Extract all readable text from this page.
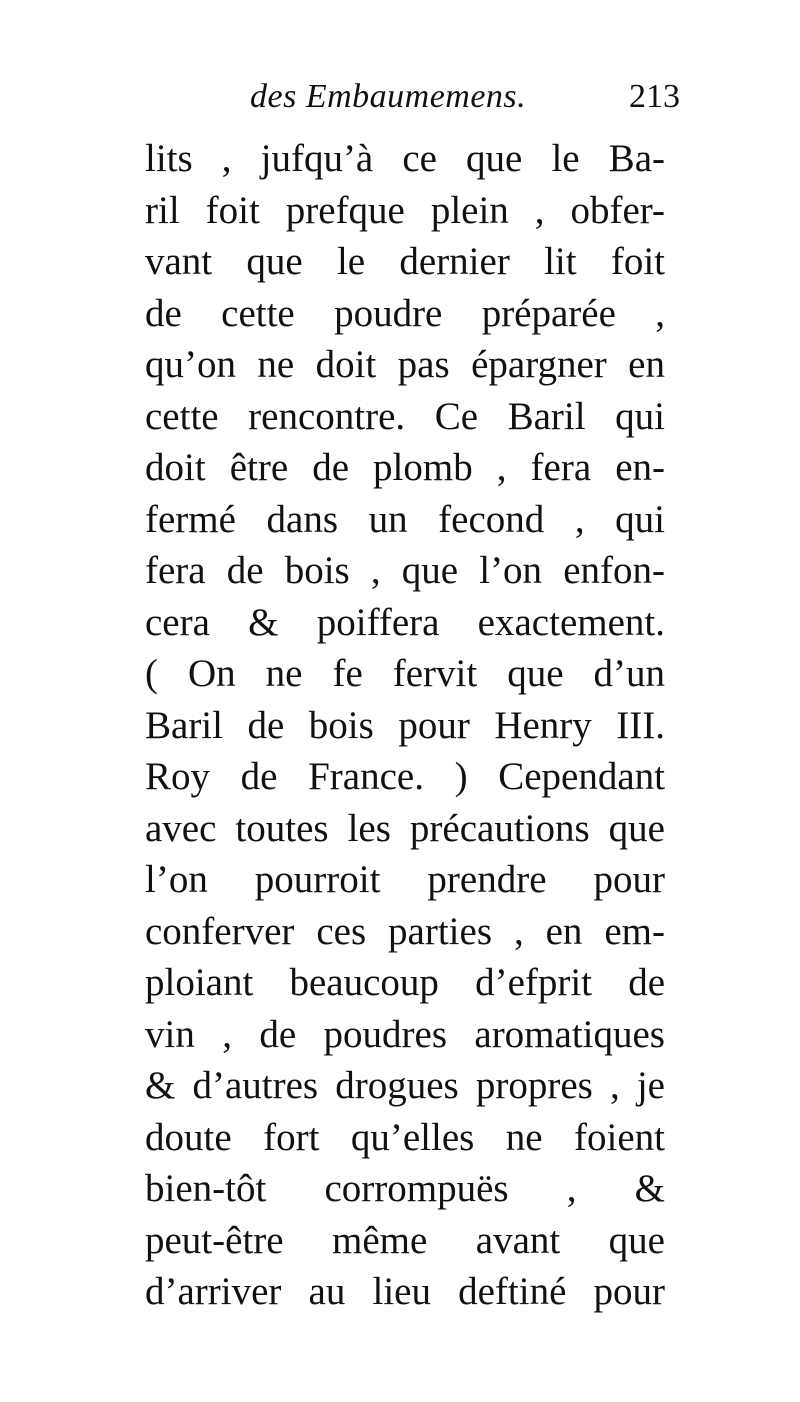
des Embaumemens.	213
lits , jufqu’à ce que le Ba-
ril foit prefque plein , obfer-
vant que le dernier lit foit
de cette poudre préparée ,
qu’on ne doit pas épargner en
cette rencontre. Ce Baril qui
doit être de plomb , fera en-
fermé dans un fecond , qui
fera de bois , que l’on enfon-
cera & poiffera exactement.
( On ne fe fervit que d’un
Baril de bois pour Henry III.
Roy de France. ) Cependant
avec toutes les précautions que
l’on pourroit prendre pour
conferver ces parties , en em-
ploiant beaucoup d’efprit de
vin , de poudres aromatiques
& d’autres drogues propres , je
doute fort qu’elles ne foient
bien-tôt corrompuës , &
peut-être même avant que
d’arriver au lieu deftiné pour
